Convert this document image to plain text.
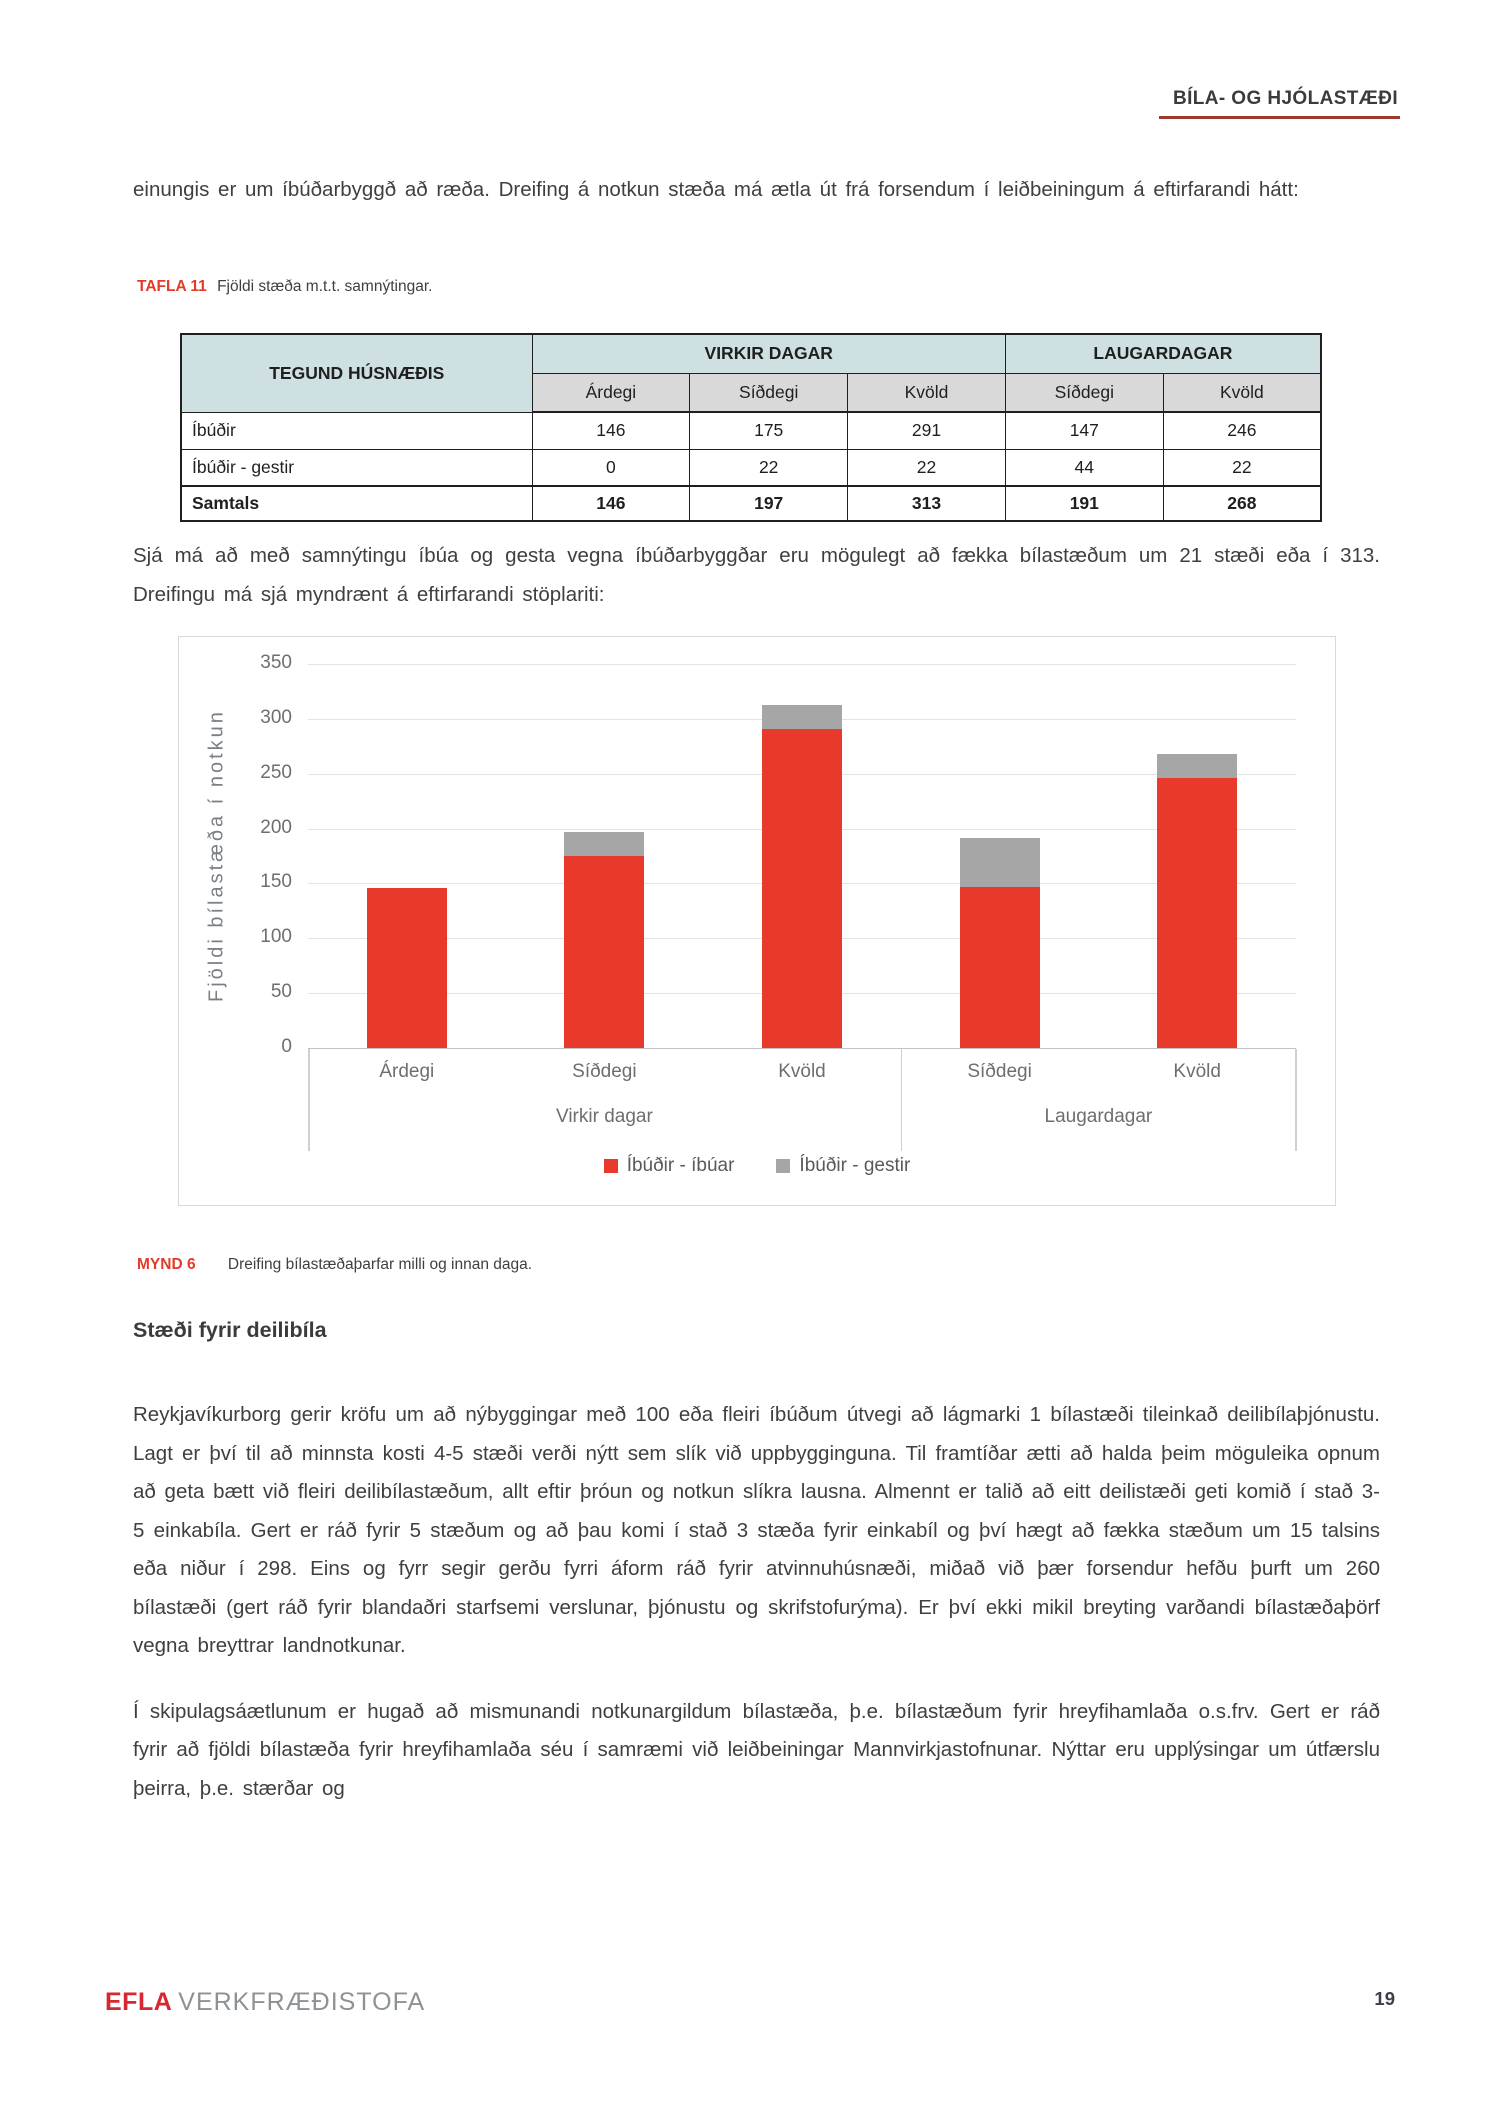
BÍLA- OG HJÓLASTÆÐI

einungis er um íbúðarbyggð að ræða. Dreifing á notkun stæða má ætla út frá forsendum í leiðbeiningum á eftirfarandi hátt:

TAFLA 11 Fjöldi stæða m.t.t. samnýtingar.
TEGUND HÚSNÆÐIS	VIRKIR DAGAR			LAUGARDAGAR	
	Árdegi	Síðdegi	Kvöld	Síðdegi	Kvöld
Íbúðir	146	175	291	147	246
Íbúðir - gestir	0	22	22	44	22
Samtals	146	197	313	191	268

Sjá má að með samnýtingu íbúa og gesta vegna íbúðarbyggðar eru mögulegt að fækka bílastæðum um 21 stæði eða í 313. Dreifingu má sjá myndrænt á eftirfarandi stöplariti:

Fjöldi bílastæða í notkun
0
50
100
150
200
250
300
350
Árdegi	Síðdegi	Kvöld	Síðdegi	Kvöld
Virkir dagar	Laugardagar
Íbúðir - íbúar	Íbúðir - gestir
MYND 6 Dreifing bílastæðaþarfar milli og innan daga.
Stæði fyrir deilibíla

Reykjavíkurborg gerir kröfu um að nýbyggingar með 100 eða fleiri íbúðum útvegi að lágmarki 1 bílastæði tileinkað deilibílaþjónustu. Lagt er því til að minnsta kosti 4-5 stæði verði nýtt sem slík við uppbygginguna. Til framtíðar ætti að halda þeim möguleika opnum að geta bætt við fleiri deilibílastæðum, allt eftir þróun og notkun slíkra lausna. Almennt er talið að eitt deilistæði geti komið í stað 3-5 einkabíla. Gert er ráð fyrir 5 stæðum og að þau komi í stað 3 stæða fyrir einkabíl og því hægt að fækka stæðum um 15 talsins eða niður í 298. Eins og fyrr segir gerðu fyrri áform ráð fyrir atvinnuhúsnæði, miðað við þær forsendur hefðu þurft um 260 bílastæði (gert ráð fyrir blandaðri starfsemi verslunar, þjónustu og skrifstofurýma). Er því ekki mikil breyting varðandi bílastæðaþörf vegna breyttrar landnotkunar.

Í skipulagsáætlunum er hugað að mismunandi notkunargildum bílastæða, þ.e. bílastæðum fyrir hreyfihamlaða o.s.frv. Gert er ráð fyrir að fjöldi bílastæða fyrir hreyfihamlaða séu í samræmi við leiðbeiningar Mannvirkjastofnunar. Nýttar eru upplýsingar um útfærslu þeirra, þ.e. stærðar og

EFLA VERKFRÆÐISTOFA	19
